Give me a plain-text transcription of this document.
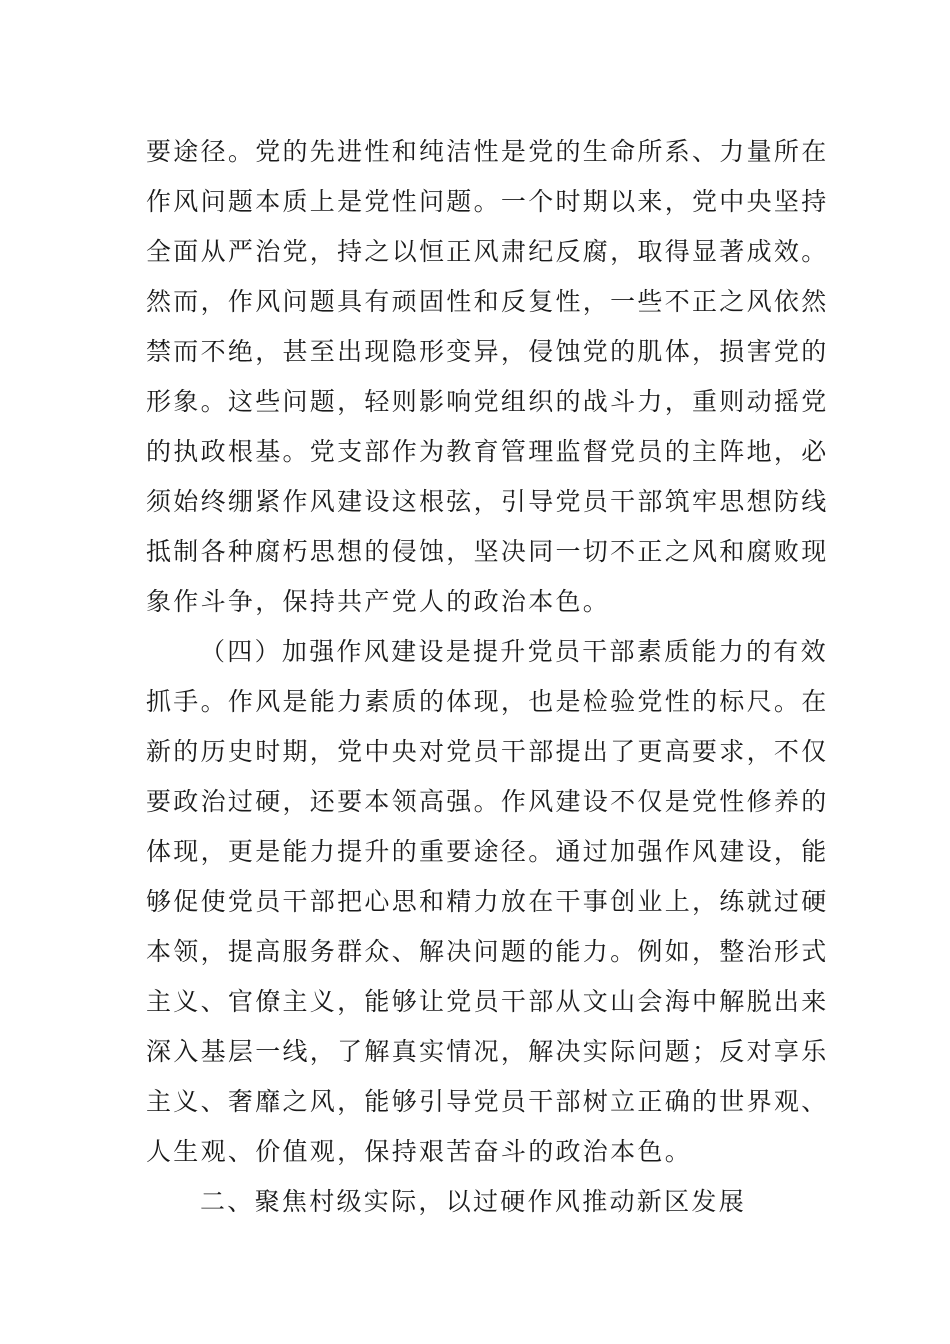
要途径。党的先进性和纯洁性是党的生命所系、力量所在
作风问题本质上是党性问题。一个时期以来，党中央坚持
全面从严治党，持之以恒正风肃纪反腐，取得显著成效。
然而，作风问题具有顽固性和反复性，一些不正之风依然
禁而不绝，甚至出现隐形变异，侵蚀党的肌体，损害党的
形象。这些问题，轻则影响党组织的战斗力，重则动摇党
的执政根基。党支部作为教育管理监督党员的主阵地，必
须始终绷紧作风建设这根弦，引导党员干部筑牢思想防线
抵制各种腐朽思想的侵蚀，坚决同一切不正之风和腐败现
象作斗争，保持共产党人的政治本色。
（四）加强作风建设是提升党员干部素质能力的有效
抓手。作风是能力素质的体现，也是检验党性的标尺。在
新的历史时期，党中央对党员干部提出了更高要求，不仅
要政治过硬，还要本领高强。作风建设不仅是党性修养的
体现，更是能力提升的重要途径。通过加强作风建设，能
够促使党员干部把心思和精力放在干事创业上，练就过硬
本领，提高服务群众、解决问题的能力。例如，整治形式
主义、官僚主义，能够让党员干部从文山会海中解脱出来
深入基层一线，了解真实情况，解决实际问题；反对享乐
主义、奢靡之风，能够引导党员干部树立正确的世界观、
人生观、价值观，保持艰苦奋斗的政治本色。
二、聚焦村级实际，以过硬作风推动新区发展
